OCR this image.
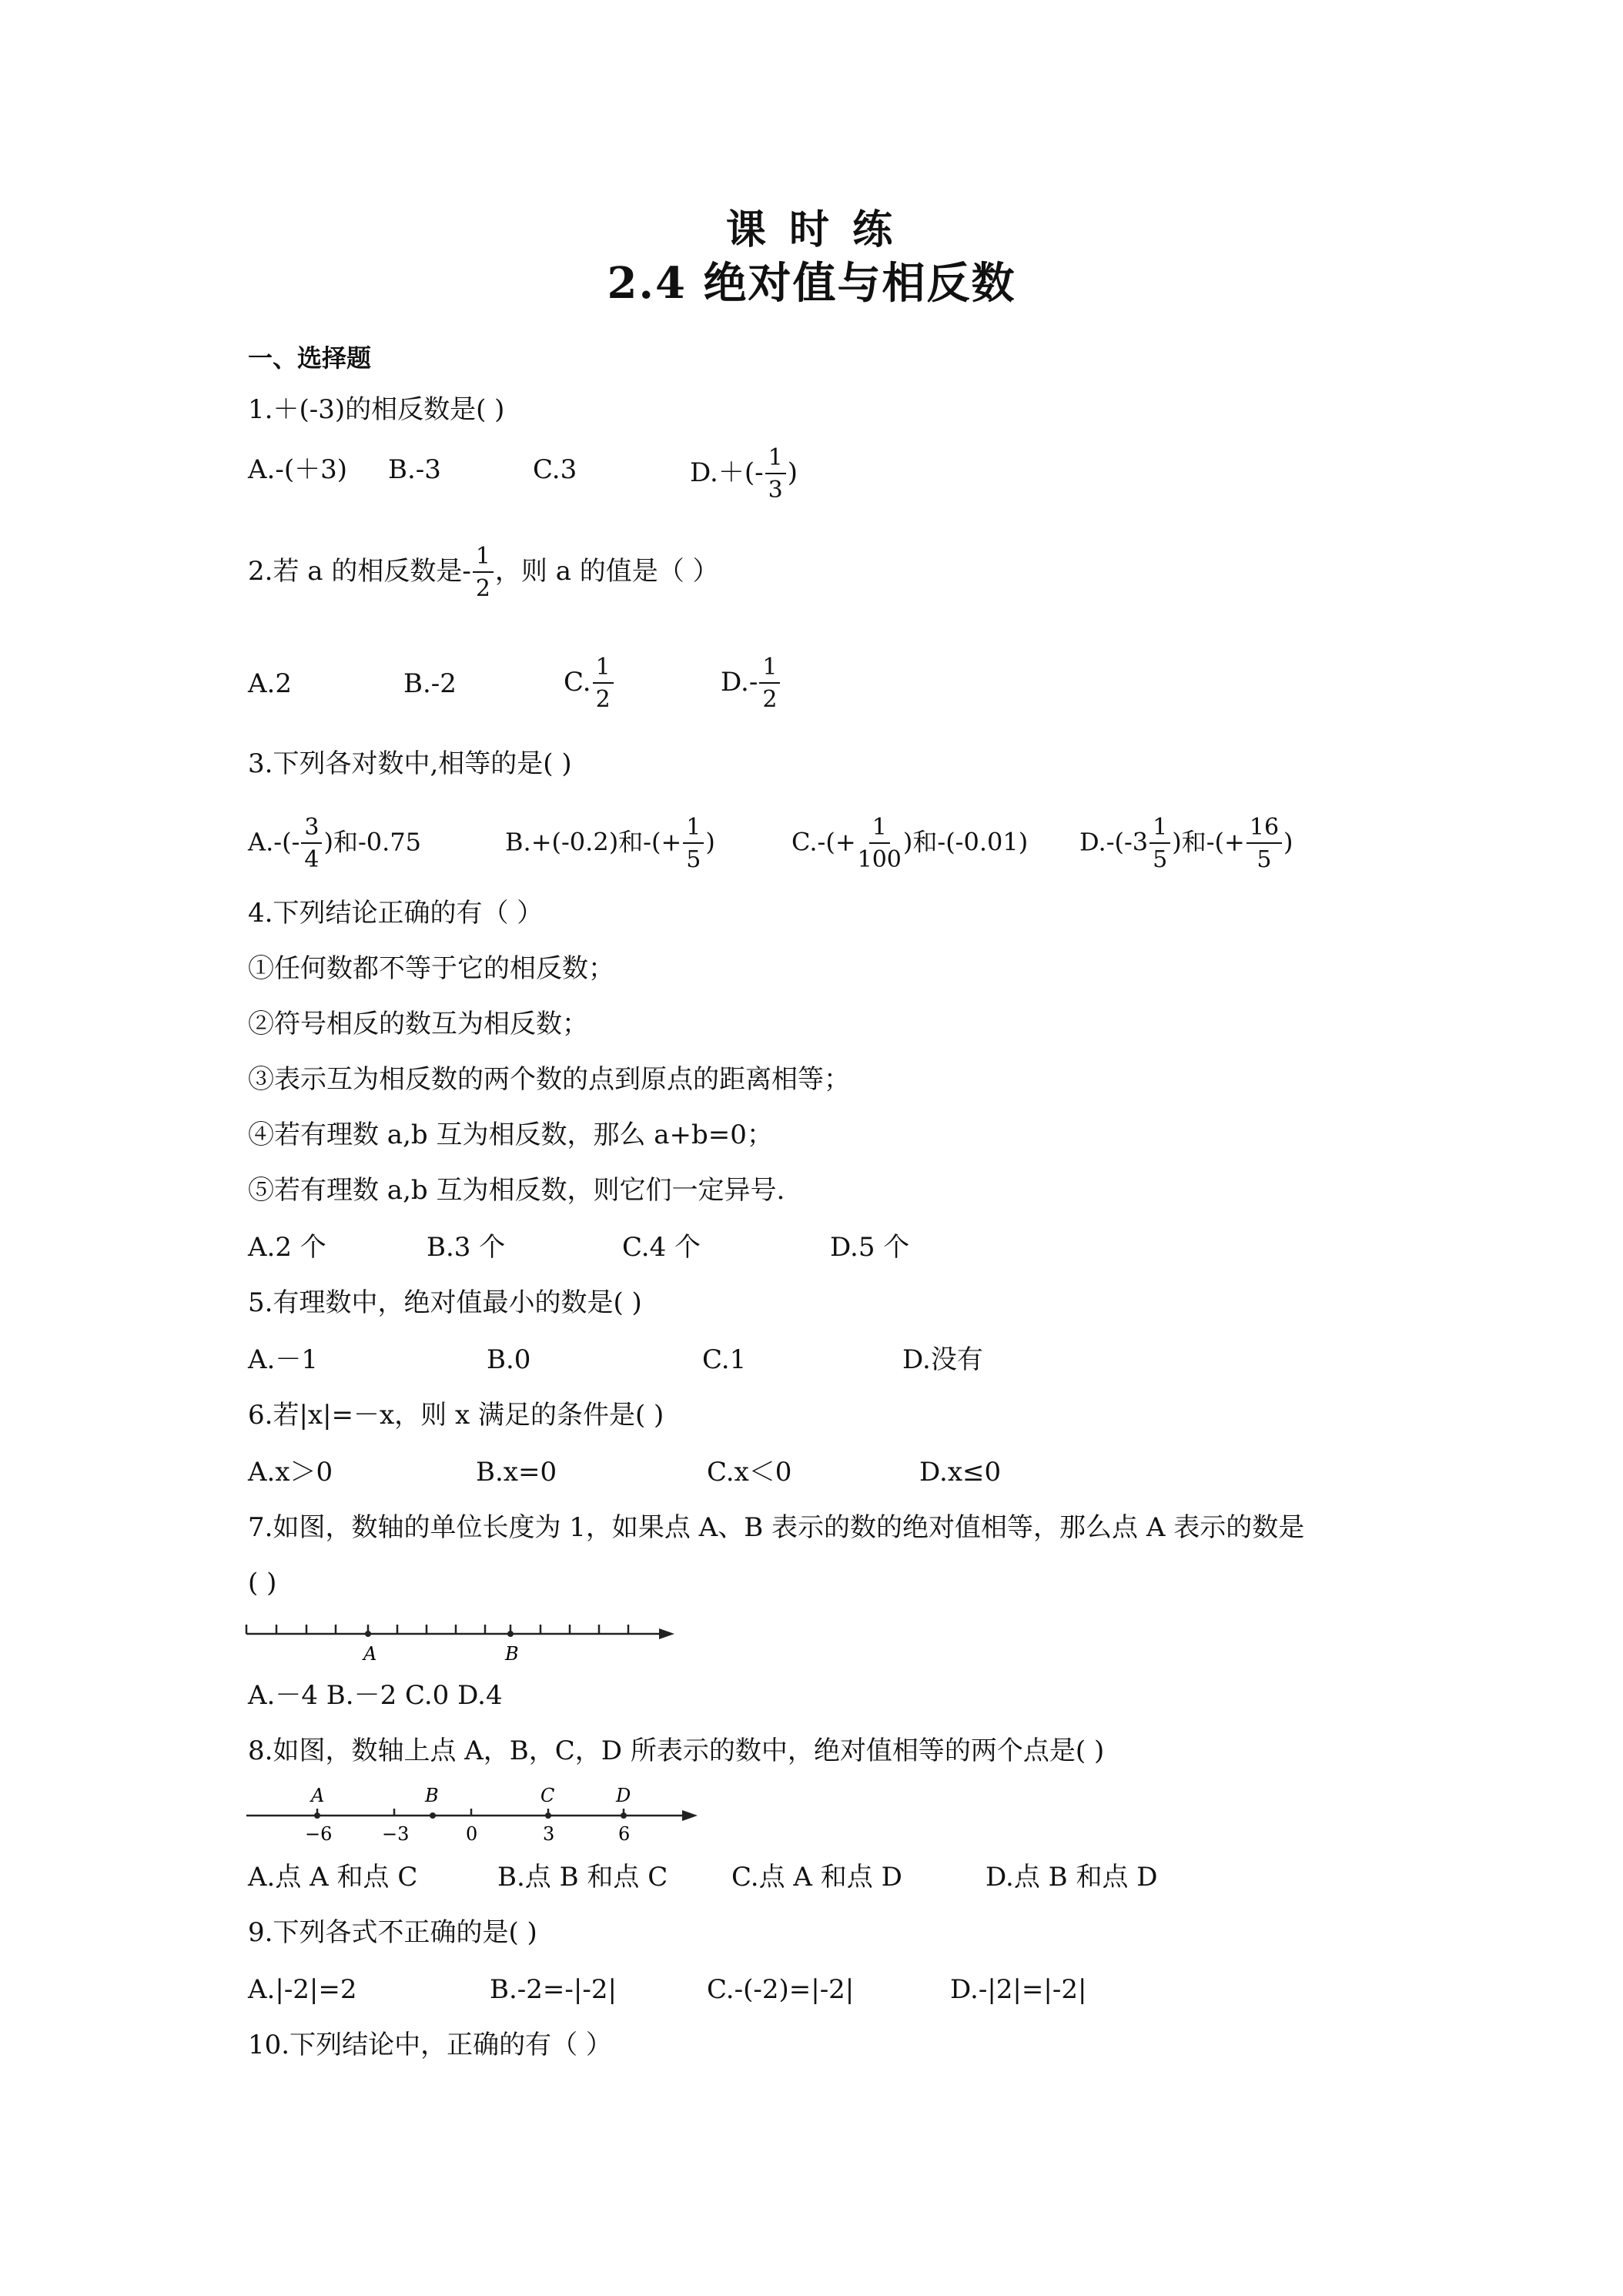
课 时 练
2.4 绝对值与相反数
一、选择题
1.＋(-3)的相反数是( )
A.-(＋3) B.-3	C.3	$D.+(- \frac{1}{3}$ )
2.若 a 的相反数是- $\frac{1}{2}$ ，则 a 的值是（ ）
A.2	B.-2	C. $\frac{1}{2}$	$D.- \frac{1}{2}$
3.下列各对数中,相等的是( )
$A.-(- \frac{3}{4}$ )和-0.75	B.+(-0.2)和-(+ $\frac{1}{5}$ )	$C.-(+ \frac{1}{100}$ )和-(-0.01) $D.-(-3 \frac{1}{5}$ )和-(+ $\frac{16}{5}$ )
4.下列结论正确的有（ ）
①任何数都不等于它的相反数；
②符号相反的数互为相反数；
③表示互为相反数的两个数的点到原点的距离相等；
④若有理数 a,b 互为相反数，那么 a+b=0；
⑤若有理数 a,b 互为相反数，则它们一定异号.
A.2 个	B.3 个	C.4 个	D.5 个
5.有理数中，绝对值最小的数是( )
A.－1	B.0	C.1	D.没有
6.若|x|=－x，则 x 满足的条件是( )
A.x＞0	B.x=0	C.x＜0	D.x≤0
7.如图，数轴的单位长度为 1，如果点 A、B 表示的数的绝对值相等，那么点 A 表示的数是
( )
A	B
A.－4 B.－2 C.0 D.4
8.如图，数轴上点 A，B，C，D 所表示的数中，绝对值相等的两个点是( )
A	B	C	D
−6	−3	0	3	6
A.点 A 和点 C	B.点 B 和点 C C.点 A 和点 D	D.点 B 和点 D
9.下列各式不正确的是( )
A.|-2|=2	B.-2=-|-2|	C.-(-2)=|-2|	D.-|2|=|-2|
10.下列结论中，正确的有（ ）
